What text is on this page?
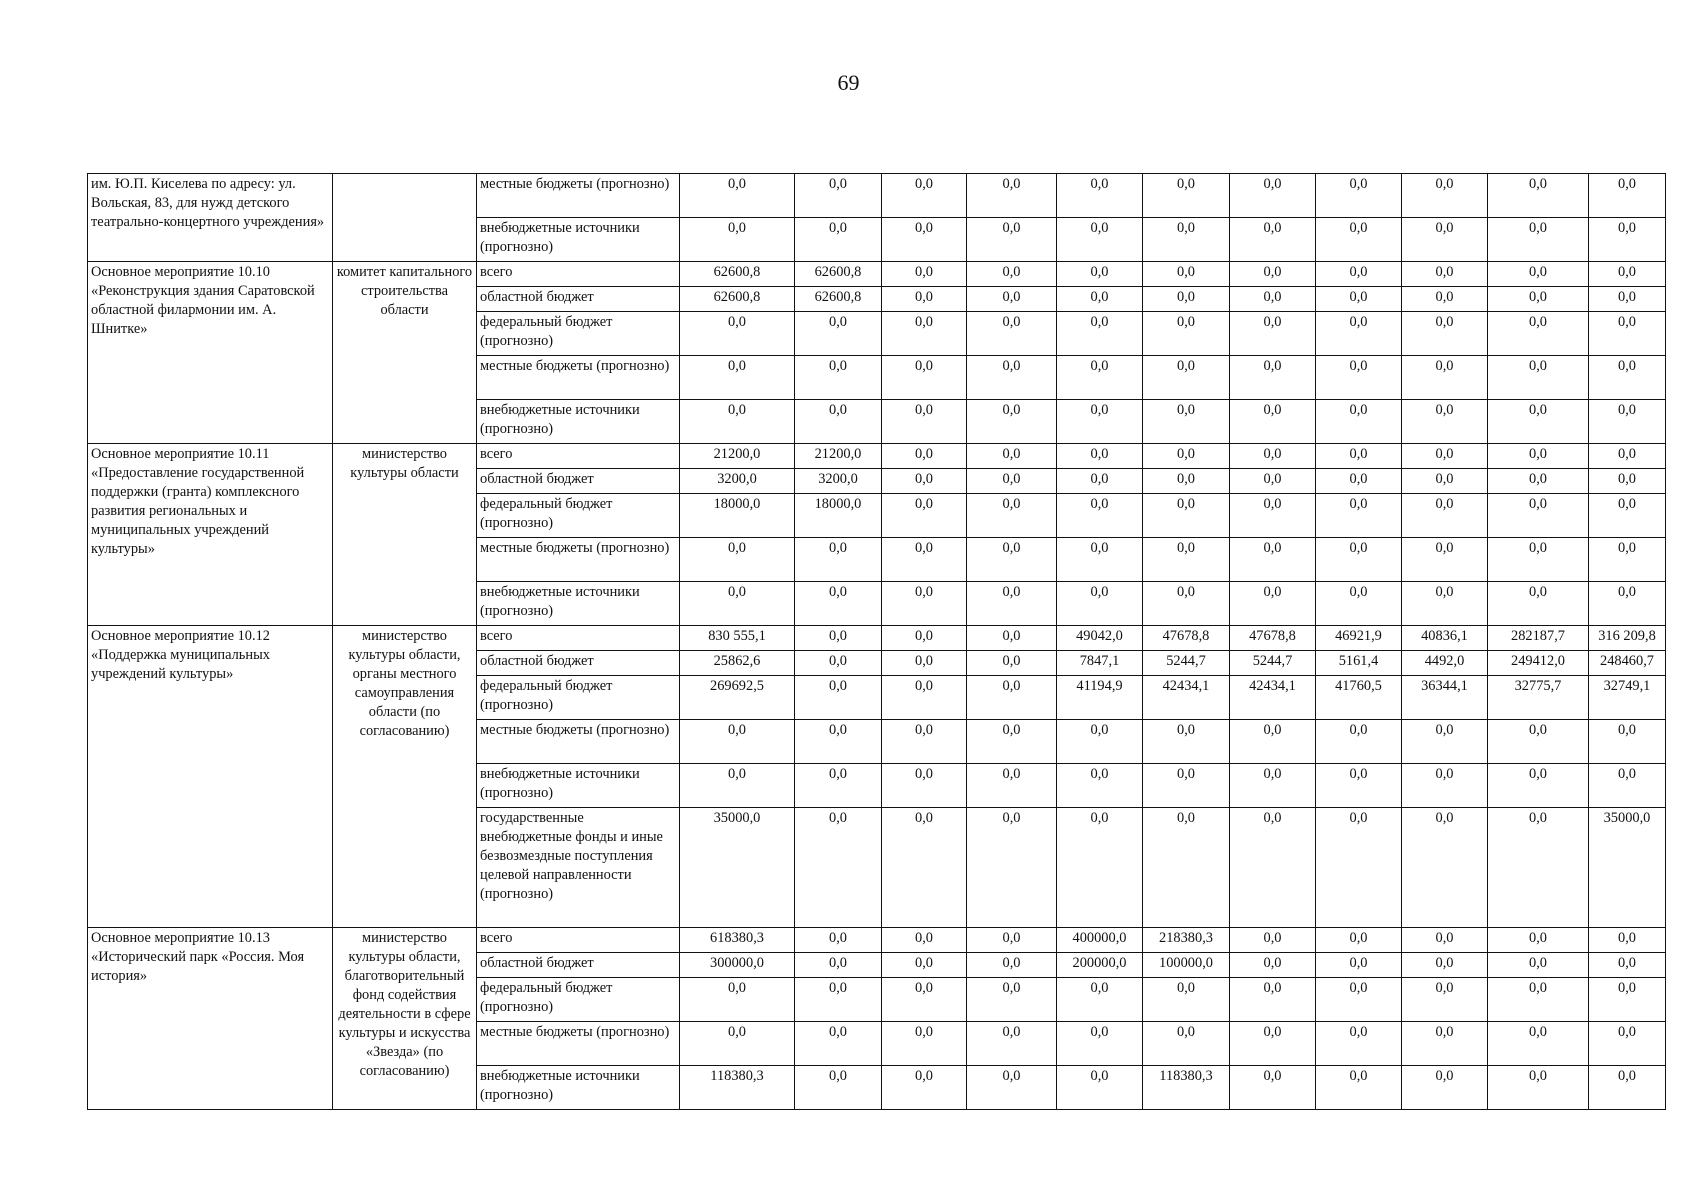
69
им. Ю.П. Киселева по адресу: ул. Вольская, 83, для нужд детского театрально-концертного учреждения»		местные бюджеты (прогнозно)	0,0	0,0	0,0	0,0	0,0	0,0	0,0	0,0	0,0	0,0	0,0
		внебюджетные источники (прогнозно)	0,0	0,0	0,0	0,0	0,0	0,0	0,0	0,0	0,0	0,0	0,0
Основное мероприятие 10.10 «Реконструкция здания Саратовской областной филармонии им. А. Шнитке»	комитет капитального строительства области	всего	62600,8	62600,8	0,0	0,0	0,0	0,0	0,0	0,0	0,0	0,0	0,0
		областной бюджет	62600,8	62600,8	0,0	0,0	0,0	0,0	0,0	0,0	0,0	0,0	0,0
		федеральный бюджет (прогнозно)	0,0	0,0	0,0	0,0	0,0	0,0	0,0	0,0	0,0	0,0	0,0
		местные бюджеты (прогнозно)	0,0	0,0	0,0	0,0	0,0	0,0	0,0	0,0	0,0	0,0	0,0
		внебюджетные источники (прогнозно)	0,0	0,0	0,0	0,0	0,0	0,0	0,0	0,0	0,0	0,0	0,0
Основное мероприятие 10.11 «Предоставление государственной поддержки (гранта) комплексного развития региональных и муниципальных учреждений культуры»	министерство культуры области	всего	21200,0	21200,0	0,0	0,0	0,0	0,0	0,0	0,0	0,0	0,0	0,0
		областной бюджет	3200,0	3200,0	0,0	0,0	0,0	0,0	0,0	0,0	0,0	0,0	0,0
		федеральный бюджет (прогнозно)	18000,0	18000,0	0,0	0,0	0,0	0,0	0,0	0,0	0,0	0,0	0,0
		местные бюджеты (прогнозно)	0,0	0,0	0,0	0,0	0,0	0,0	0,0	0,0	0,0	0,0	0,0
		внебюджетные источники (прогнозно)	0,0	0,0	0,0	0,0	0,0	0,0	0,0	0,0	0,0	0,0	0,0
Основное мероприятие 10.12 «Поддержка муниципальных учреждений культуры»	министерство культуры области, органы местного самоуправления области (по согласованию)	всего	830 555,1	0,0	0,0	0,0	49042,0	47678,8	47678,8	46921,9	40836,1	282187,7	316 209,8
		областной бюджет	25862,6	0,0	0,0	0,0	7847,1	5244,7	5244,7	5161,4	4492,0	249412,0	248460,7
		федеральный бюджет (прогнозно)	269692,5	0,0	0,0	0,0	41194,9	42434,1	42434,1	41760,5	36344,1	32775,7	32749,1
		местные бюджеты (прогнозно)	0,0	0,0	0,0	0,0	0,0	0,0	0,0	0,0	0,0	0,0	0,0
		внебюджетные источники (прогнозно)	0,0	0,0	0,0	0,0	0,0	0,0	0,0	0,0	0,0	0,0	0,0
		государственные внебюджетные фонды и иные безвозмездные поступления целевой направленности (прогнозно)	35000,0	0,0	0,0	0,0	0,0	0,0	0,0	0,0	0,0	0,0	35000,0
Основное мероприятие 10.13 «Исторический парк «Россия. Моя история»	министерство культуры области, благотворительный фонд содействия деятельности в сфере культуры и искусства «Звезда» (по согласованию)	всего	618380,3	0,0	0,0	0,0	400000,0	218380,3	0,0	0,0	0,0	0,0	0,0
		областной бюджет	300000,0	0,0	0,0	0,0	200000,0	100000,0	0,0	0,0	0,0	0,0	0,0
		федеральный бюджет (прогнозно)	0,0	0,0	0,0	0,0	0,0	0,0	0,0	0,0	0,0	0,0	0,0
		местные бюджеты (прогнозно)	0,0	0,0	0,0	0,0	0,0	0,0	0,0	0,0	0,0	0,0	0,0
		внебюджетные источники (прогнозно)	118380,3	0,0	0,0	0,0	0,0	118380,3	0,0	0,0	0,0	0,0	0,0
